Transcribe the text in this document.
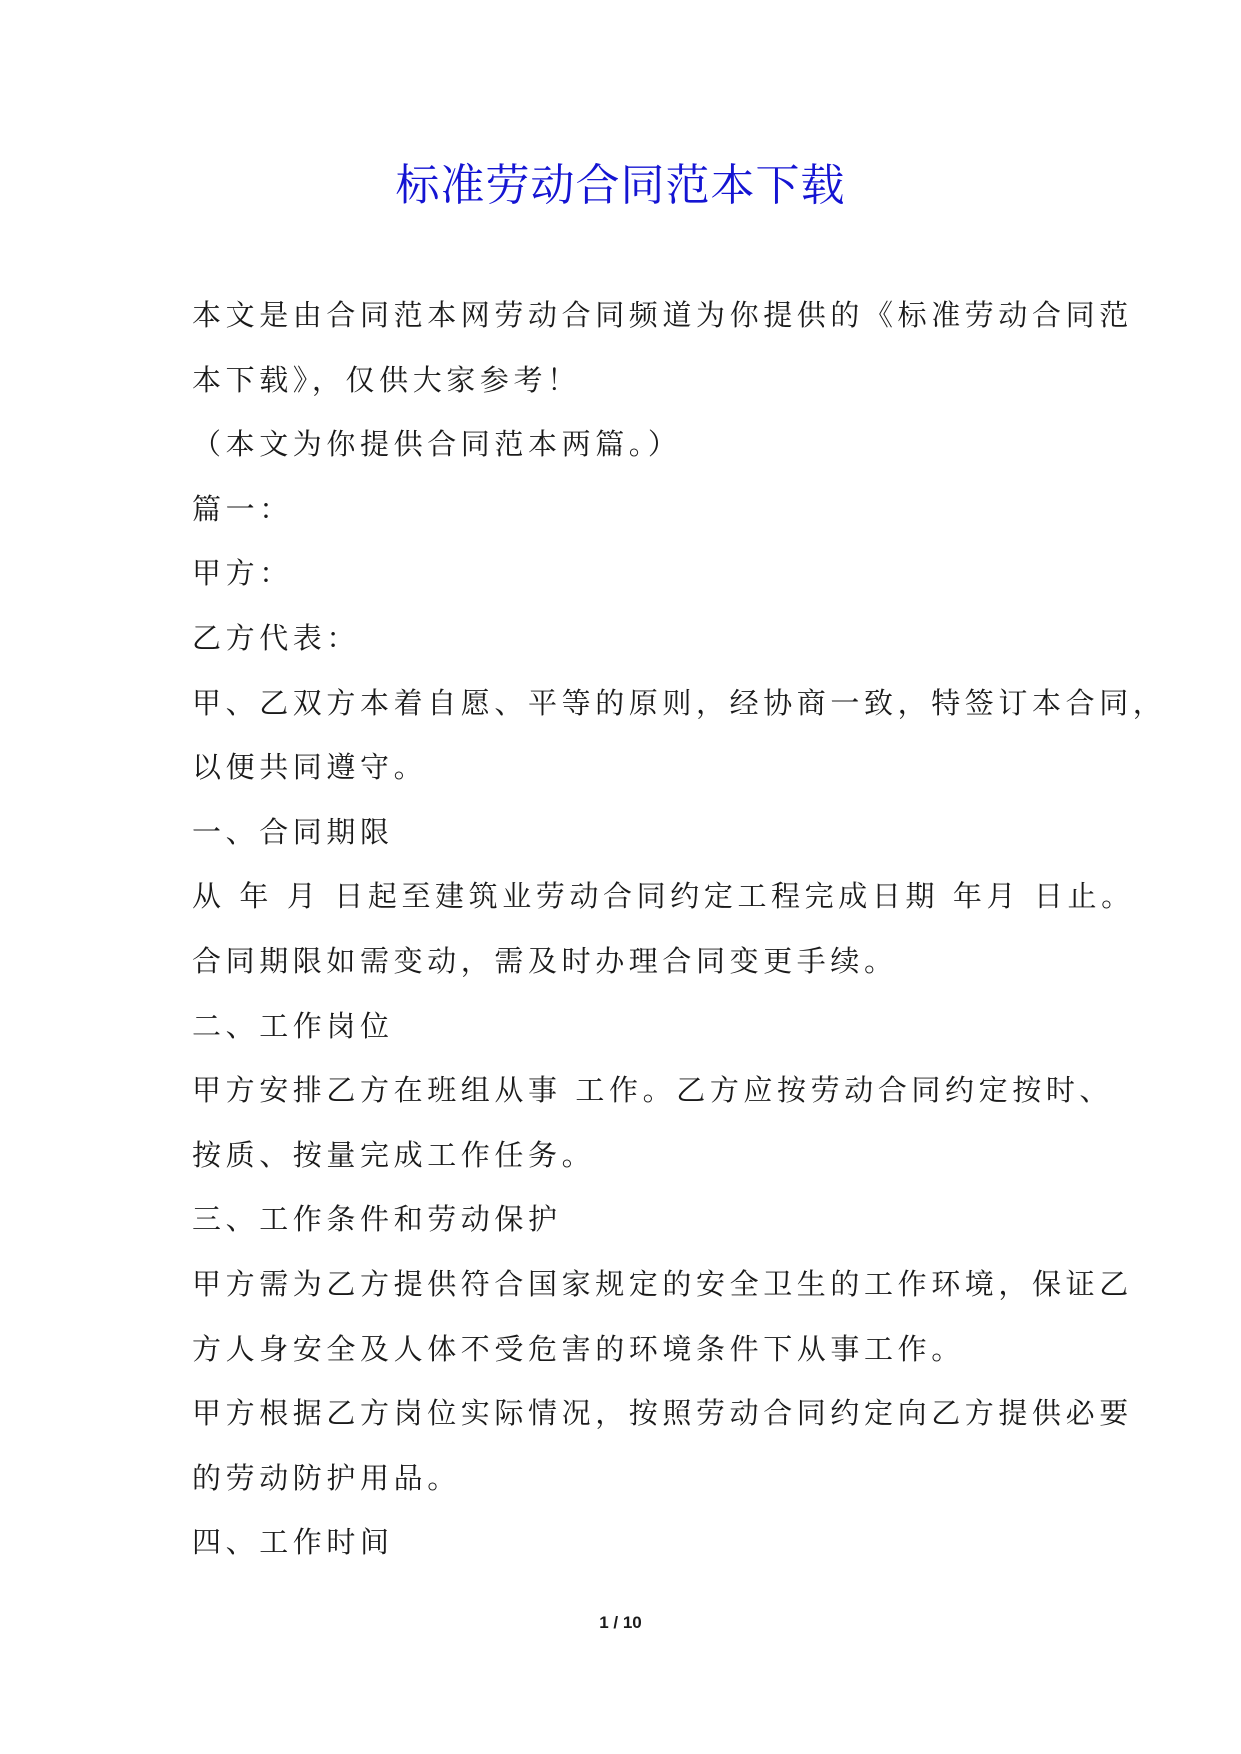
标准劳动合同范本下载
本文是由合同范本网劳动合同频道为你提供的《标准劳动合同范
本下载》，仅供大家参考！
（本文为你提供合同范本两篇。）
篇一：
甲方：
乙方代表：
甲、乙双方本着自愿、平等的原则，经协商一致，特签订本合同，
以便共同遵守。
一、合同期限
从 年 月 日起至建筑业劳动合同约定工程完成日期 年月 日止。
合同期限如需变动，需及时办理合同变更手续。
二、工作岗位
甲方安排乙方在班组从事 工作。乙方应按劳动合同约定按时、
按质、按量完成工作任务。
三、工作条件和劳动保护
甲方需为乙方提供符合国家规定的安全卫生的工作环境，保证乙
方人身安全及人体不受危害的环境条件下从事工作。
甲方根据乙方岗位实际情况，按照劳动合同约定向乙方提供必要
的劳动防护用品。
四、工作时间
1 / 10
